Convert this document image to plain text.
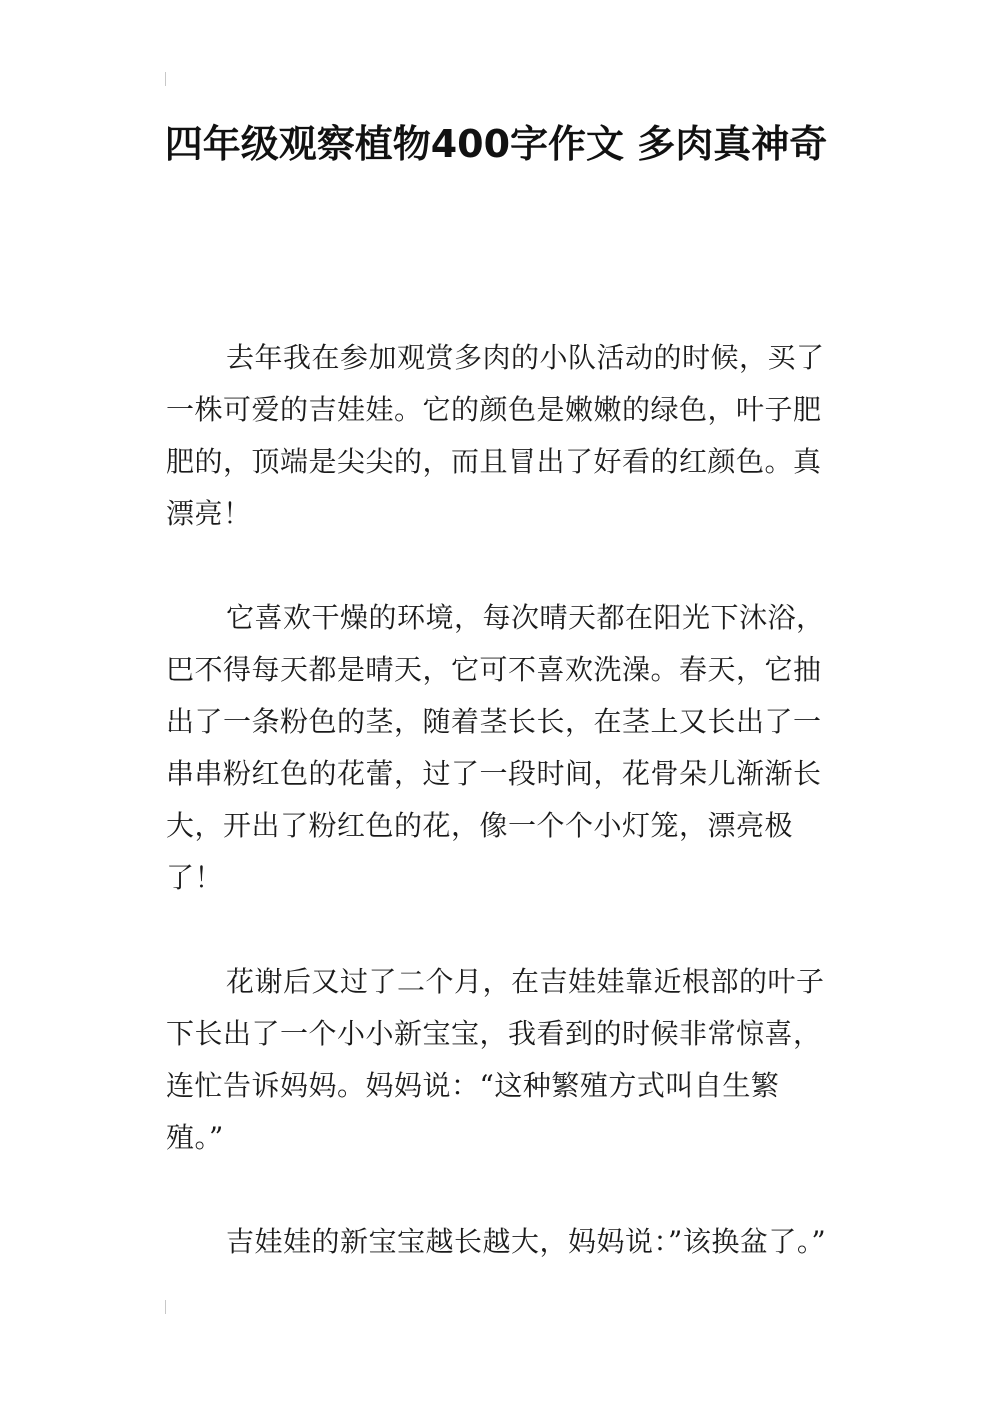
四年级观察植物400字作文 多肉真神奇

去年我在参加观赏多肉的小队活动的时候，买了一株可爱的吉娃娃。它的颜色是嫩嫩的绿色，叶子肥肥的，顶端是尖尖的，而且冒出了好看的红颜色。真漂亮！

它喜欢干燥的环境，每次晴天都在阳光下沐浴，巴不得每天都是晴天，它可不喜欢洗澡。春天，它抽出了一条粉色的茎，随着茎长长，在茎上又长出了一串串粉红色的花蕾，过了一段时间，花骨朵儿渐渐长大，开出了粉红色的花，像一个个小灯笼，漂亮极了！

花谢后又过了二个月，在吉娃娃靠近根部的叶子下长出了一个小小新宝宝，我看到的时候非常惊喜，连忙告诉妈妈。妈妈说：“这种繁殖方式叫自生繁殖。”

吉娃娃的新宝宝越长越大，妈妈说：”该换盆了。”
